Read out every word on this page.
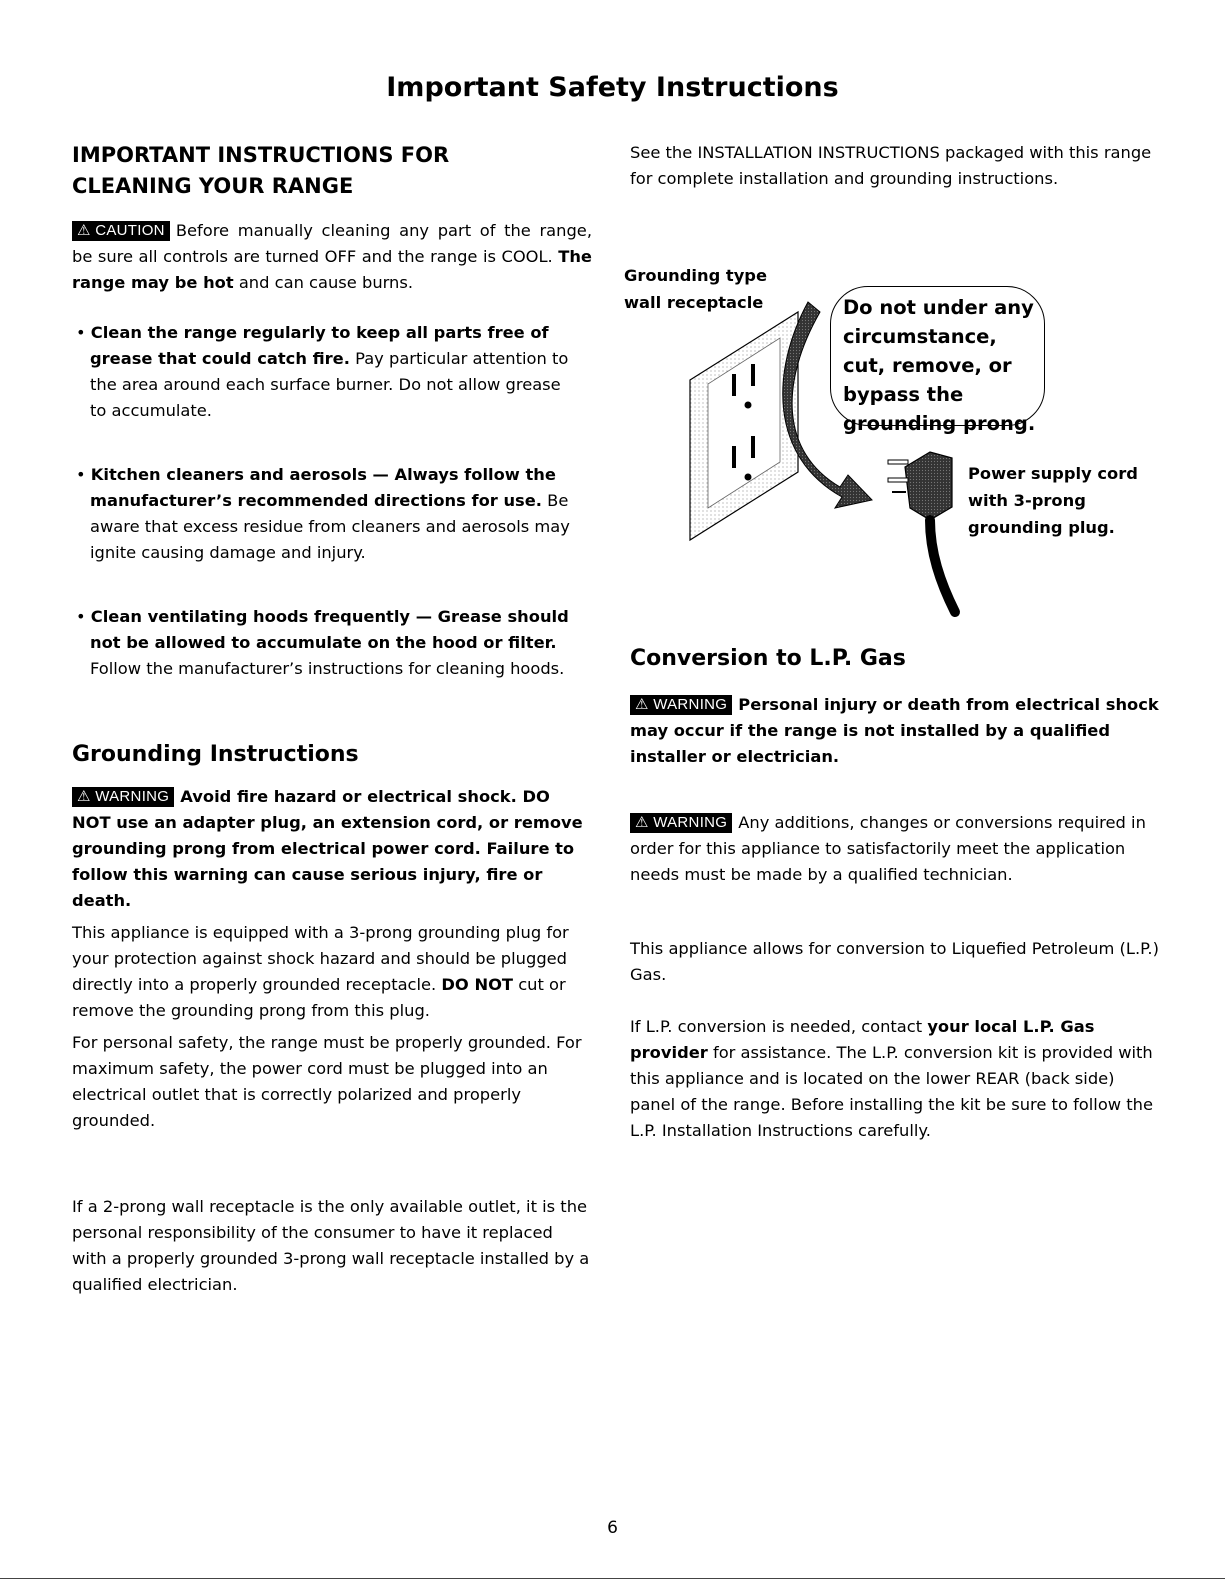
Important Safety Instructions
IMPORTANT INSTRUCTIONS FOR CLEANING YOUR RANGE

⚠︎ CAUTION Before manually cleaning any part of the range, be sure all controls are turned OFF and the range is COOL. The range may be hot and can cause burns.

• Clean the range regularly to keep all parts free of grease that could catch fire. Pay particular attention to the area around each surface burner. Do not allow grease to accumulate.

• Kitchen cleaners and aerosols — Always follow the manufacturer’s recommended directions for use. Be aware that excess residue from cleaners and aerosols may ignite causing damage and injury.

• Clean ventilating hoods frequently — Grease should not be allowed to accumulate on the hood or filter. Follow the manufacturer’s instructions for cleaning hoods.

Grounding Instructions

⚠︎ WARNING Avoid fire hazard or electrical shock. DO NOT use an adapter plug, an extension cord, or remove grounding prong from electrical power cord. Failure to follow this warning can cause serious injury, fire or death.

This appliance is equipped with a 3-prong grounding plug for your protection against shock hazard and should be plugged directly into a properly grounded receptacle. DO NOT cut or remove the grounding prong from this plug.

For personal safety, the range must be properly grounded. For maximum safety, the power cord must be plugged into an electrical outlet that is correctly polarized and properly grounded.

If a 2-prong wall receptacle is the only available outlet, it is the personal responsibility of the consumer to have it replaced with a properly grounded 3-prong wall receptacle installed by a qualified electrician.

See the INSTALLATION INSTRUCTIONS packaged with this range for complete installation and grounding instructions.

Grounding type wall receptacle	Do not under any circumstance, cut, remove, or bypass the grounding prong.
Power supply cord with 3-prong grounding plug.
Conversion to L.P. Gas

⚠︎ WARNING Personal injury or death from electrical shock may occur if the range is not installed by a qualified installer or electrician.

⚠︎ WARNING Any additions, changes or conversions required in order for this appliance to satisfactorily meet the application needs must be made by a qualified technician.

This appliance allows for conversion to Liquefied Petroleum (L.P.) Gas.

If L.P. conversion is needed, contact your local L.P. Gas provider for assistance. The L.P. conversion kit is provided with this appliance and is located on the lower REAR (back side) panel of the range. Before installing the kit be sure to follow the L.P. Installation Instructions carefully.

6
